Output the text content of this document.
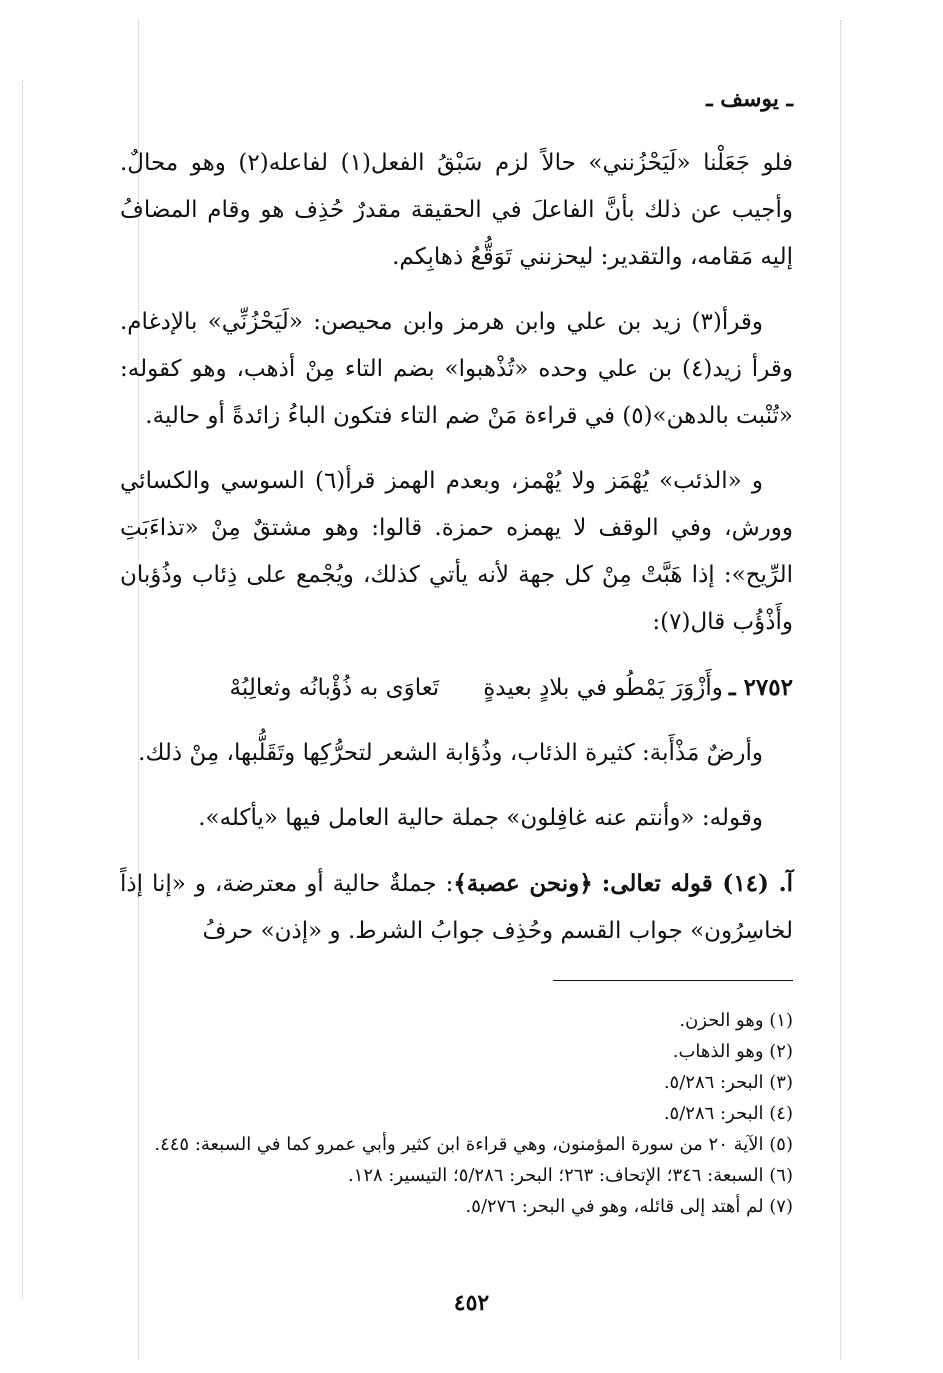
ـ يوسف ـ

فلو جَعَلْنا «لَيَحْزُنني» حالاً لزم سَبْقُ الفعل(١) لفاعله(٢) وهو محالٌ. وأجيب عن ذلك بأنَّ الفاعلَ في الحقيقة مقدرٌ حُذِف هو وقام المضافُ إليه مَقامه، والتقدير: ليحزنني تَوَقُّعُ ذهابِكم.

وقرأ(٣) زيد بن علي وابن هرمز وابن محيصن: «لَيَحْزُنِّي» بالإدغام. وقرأ زيد(٤) بن علي وحده «تُذْهبوا» بضم التاء مِنْ أذهب، وهو كقوله: «تُنْبت بالدهن»(٥) في قراءة مَنْ ضم التاء فتكون الباءُ زائدةً أو حالية.

و «الذئب» يُهْمَز ولا يُهْمز، وبعدم الهمز قرأ(٦) السوسي والكسائي وورش، وفي الوقف لا يهمزه حمزة. قالوا: وهو مشتقٌ مِنْ «تذاءَبَتِ الرِّيح»: إذا هَبَّتْ مِنْ كل جهة لأنه يأتي كذلك، ويُجْمع على ذِئاب وذُؤبان وأَذْؤُب قال(٧):

٢٧٥٢ ـ
وأَزْوَرَ يَمْطُو في بلادٍ بعيدةٍ
تَعاوَى به ذُؤْبانُه وثعالِبُهْ

وأرضٌ مَذْأَبة: كثيرة الذئاب، وذُؤابة الشعر لتحرُّكِها وتَقَلُّبها، مِنْ ذلك.

وقوله: «وأنتم عنه غافِلون» جملة حالية العامل فيها «يأكله».

آ. (١٤) قوله تعالى: ﴿ونحن عصبة﴾: جملةٌ حالية أو معترضة، و «إنا إذاً لخاسِرُون» جواب القسم وحُذِف جوابُ الشرط. و «إذن» حرفُ

(١) وهو الحزن.
(٢) وهو الذهاب.
(٣) البحر: ٥/٢٨٦.
(٤) البحر: ٥/٢٨٦.
(٥) الآية ٢٠ من سورة المؤمنون، وهي قراءة ابن كثير وأبي عمرو كما في السبعة: ٤٤٥.
(٦) السبعة: ٣٤٦؛ الإتحاف: ٢٦٣؛ البحر: ٥/٢٨٦؛ التيسير: ١٢٨.
(٧) لم أهتد إلى قائله، وهو في البحر: ٥/٢٧٦.
٤٥٢
